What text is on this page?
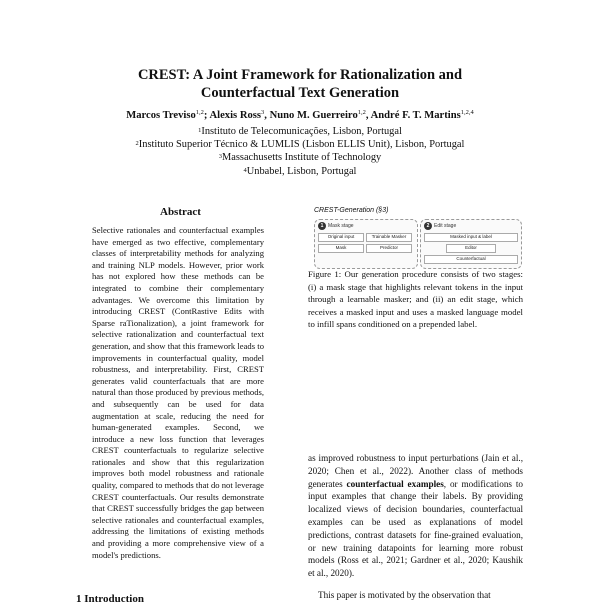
CREST: A Joint Framework for Rationalization and
Counterfactual Text Generation
Marcos Treviso$^{1,2}$; Alexis Ross$^3$, Nuno M. Guerreiro$^{1,2}$, André F. T. Martins$^{1,2,4}$
$^1$Instituto de Telecomunicações, Lisbon, Portugal
$^2$Instituto Superior Técnico & LUMLIS (Lisbon ELLIS Unit), Lisbon, Portugal
$^3$Massachusetts Institute of Technology
$^4$Unbabel, Lisbon, Portugal
Abstract
Selective rationales and counterfactual examples have emerged as two effective, complementary classes of interpretability methods for analyzing and training NLP models. However, prior work has not explored how these methods can be integrated to combine their complementary advantages. We overcome this limitation by introducing CREST (ContRastive Edits with Sparse raTionalization), a joint framework for selective rationalization and counterfactual text generation, and show that this framework leads to improvements in counterfactual quality, model robustness, and interpretability. First, CREST generates valid counterfactuals that are more natural than those produced by previous methods, and subsequently can be used for data augmentation at scale, reducing the need for human-generated examples. Second, we introduce a new loss function that leverages CREST counterfactuals to regularize selective rationales and show that this regularization improves both model robustness and rationale quality, compared to methods that do not leverage CREST counterfactuals. Our results demonstrate that CREST successfully bridges the gap between selective rationales and counterfactual examples, addressing the limitations of existing methods and providing a more comprehensive view of a model's predictions.
1 Introduction
CREST-Generation (§3)
1 Mask stage	2 Edit stage
Original input	Trainable Masker
Mask	Predictor
Masked input & label
Editor
Counterfactual
Figure 1: Our generation procedure consists of two stages: (i) a mask stage that highlights relevant tokens in the input through a learnable masker; and (ii) an edit stage, which receives a masked input and uses a masked language model to infill spans conditioned on a prepended label.
as improved robustness to input perturbations (Jain et al., 2020; Chen et al., 2022). Another class of methods generates counterfactual examples, or modifications to input examples that change their labels. By providing localized views of decision boundaries, counterfactual examples can be used as explanations of model predictions, contrast datasets for fine-grained evaluation, or new training datapoints for learning more robust models (Ross et al., 2021; Gardner et al., 2020; Kaushik et al., 2020).
This paper is motivated by the observation that
